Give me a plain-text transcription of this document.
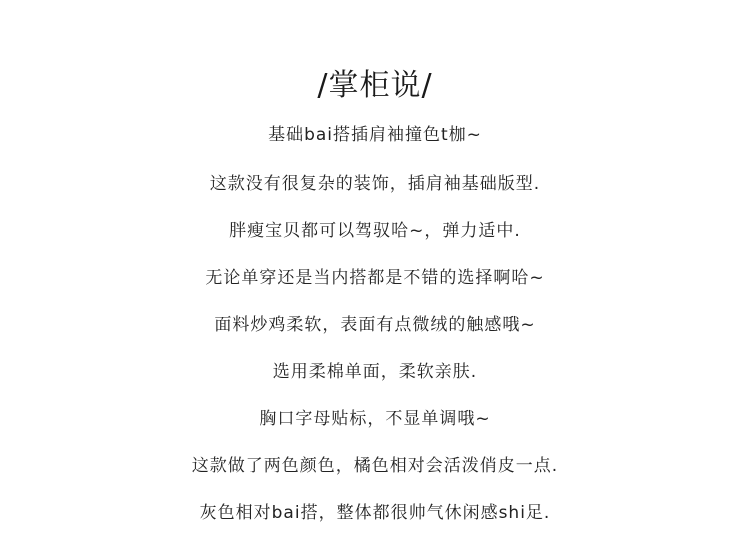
/掌柜说/
基础bai搭插肩袖撞色t枷~
这款没有很复杂的装饰，插肩袖基础版型.
胖瘦宝贝都可以驾驭哈~，弹力适中.
无论单穿还是当内搭都是不错的选择啊哈~
面料炒鸡柔软，表面有点微绒的触感哦~
选用柔棉单面，柔软亲肤.
胸口字母贴标，不显单调哦~
这款做了两色颜色，橘色相对会活泼俏皮一点.
灰色相对bai搭，整体都很帅气休闲感shi足.
